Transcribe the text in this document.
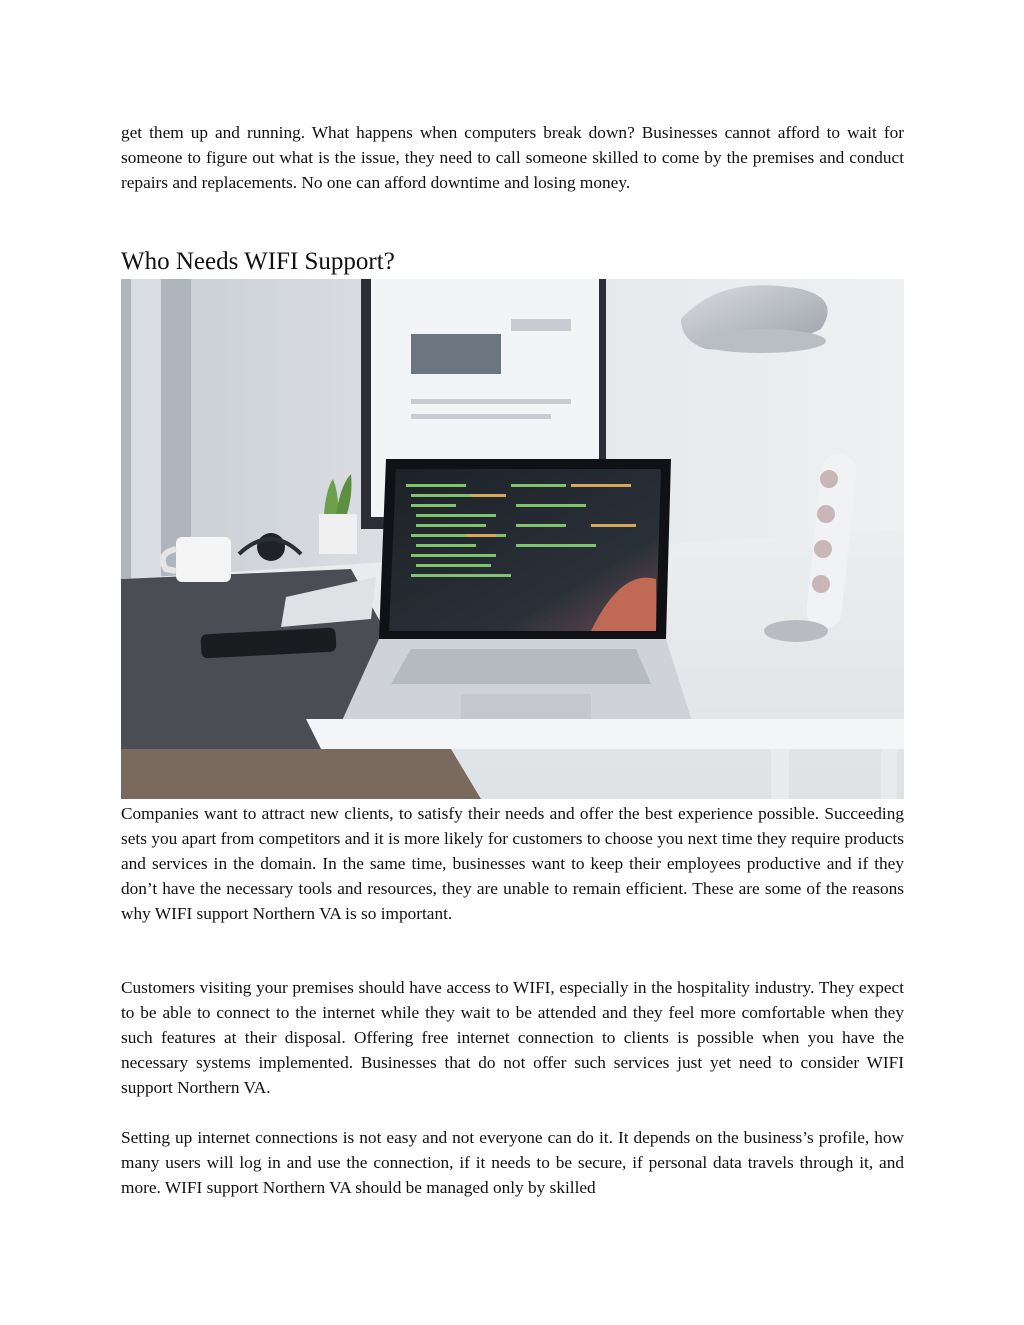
get them up and running. What happens when computers break down? Businesses cannot afford to wait for someone to figure out what is the issue, they need to call someone skilled to come by the premises and conduct repairs and replacements. No one can afford downtime and losing money.

Who Needs WIFI Support?

Companies want to attract new clients, to satisfy their needs and offer the best experience possible. Succeeding sets you apart from competitors and it is more likely for customers to choose you next time they require products and services in the domain. In the same time, businesses want to keep their employees productive and if they don’t have the necessary tools and resources, they are unable to remain efficient. These are some of the reasons why WIFI support Northern VA is so important.

Customers visiting your premises should have access to WIFI, especially in the hospitality industry. They expect to be able to connect to the internet while they wait to be attended and they feel more comfortable when they such features at their disposal. Offering free internet connection to clients is possible when you have the necessary systems implemented. Businesses that do not offer such services just yet need to consider WIFI support Northern VA.

Setting up internet connections is not easy and not everyone can do it. It depends on the business’s profile, how many users will log in and use the connection, if it needs to be secure, if personal data travels through it, and more. WIFI support Northern VA should be managed only by skilled
